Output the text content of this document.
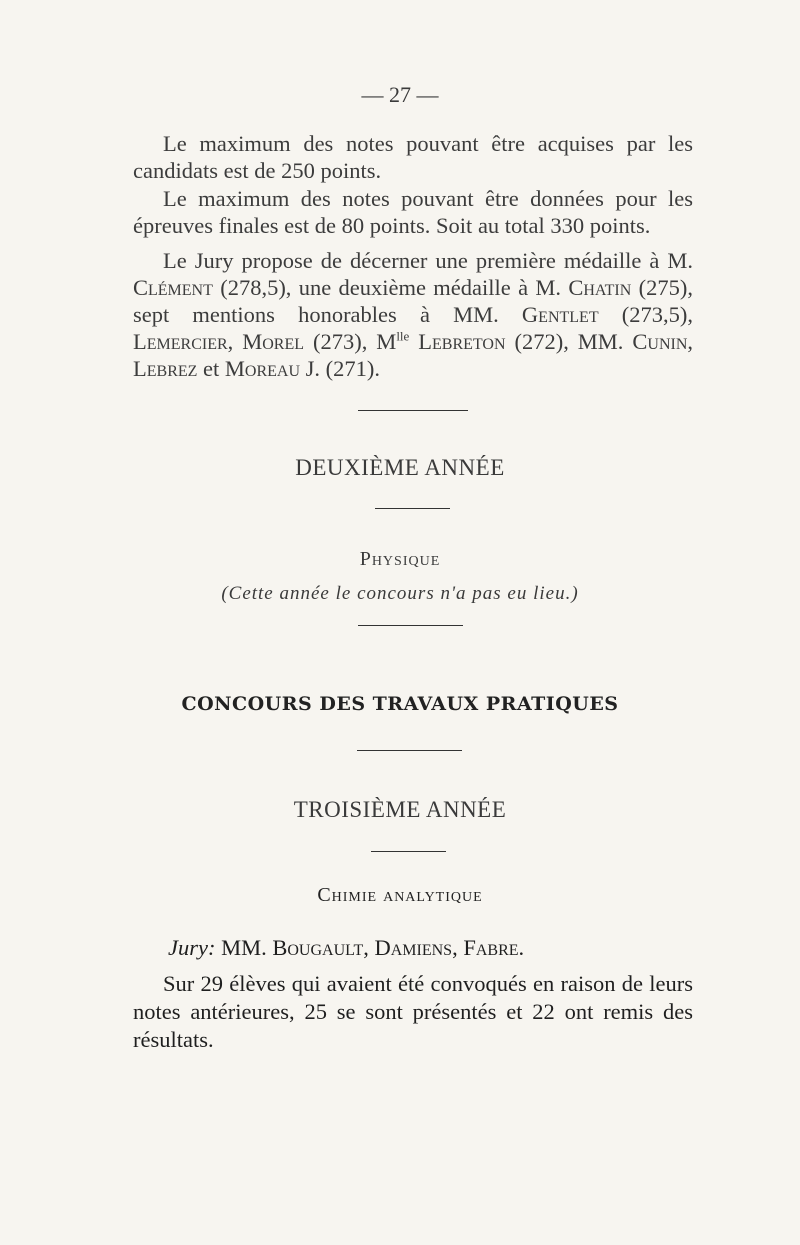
— 27 —

Le maximum des notes pouvant être acquises par les candidats est de 250 points.

Le maximum des notes pouvant être données pour les épreuves finales est de 80 points. Soit au total 330 points.

Le Jury propose de décerner une première médaille à M. Clément (278,5), une deuxième médaille à M. Chatin (275), sept mentions honorables à MM. Gentlet (273,5), Lemercier, Morel (273), $M^{lle}$ Lebreton (272), MM. Cunin, Lebrez et Moreau J. (271).

DEUXIÈME ANNÉE
Physique
(Cette année le concours n'a pas eu lieu.)
CONCOURS DES TRAVAUX PRATIQUES
TROISIÈME ANNÉE
Chimie analytique
Jury: MM. Bougault, Damiens, Fabre.

Sur 29 élèves qui avaient été convoqués en raison de leurs notes antérieures, 25 se sont présentés et 22 ont remis des résultats.
